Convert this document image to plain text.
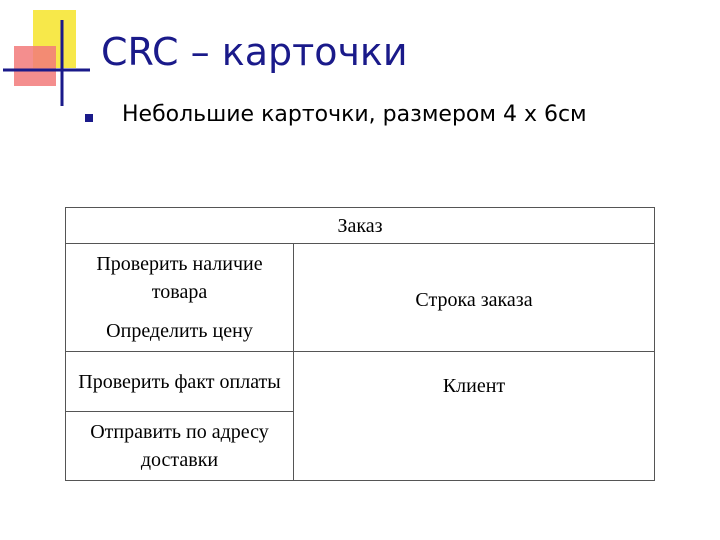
CRC – карточки
Небольшие карточки, размером 4 х 6см
Заказ
Проверить наличие товара
Определить цену
Проверить факт оплаты
Отправить по адресу доставки
Строка заказа
Клиент
